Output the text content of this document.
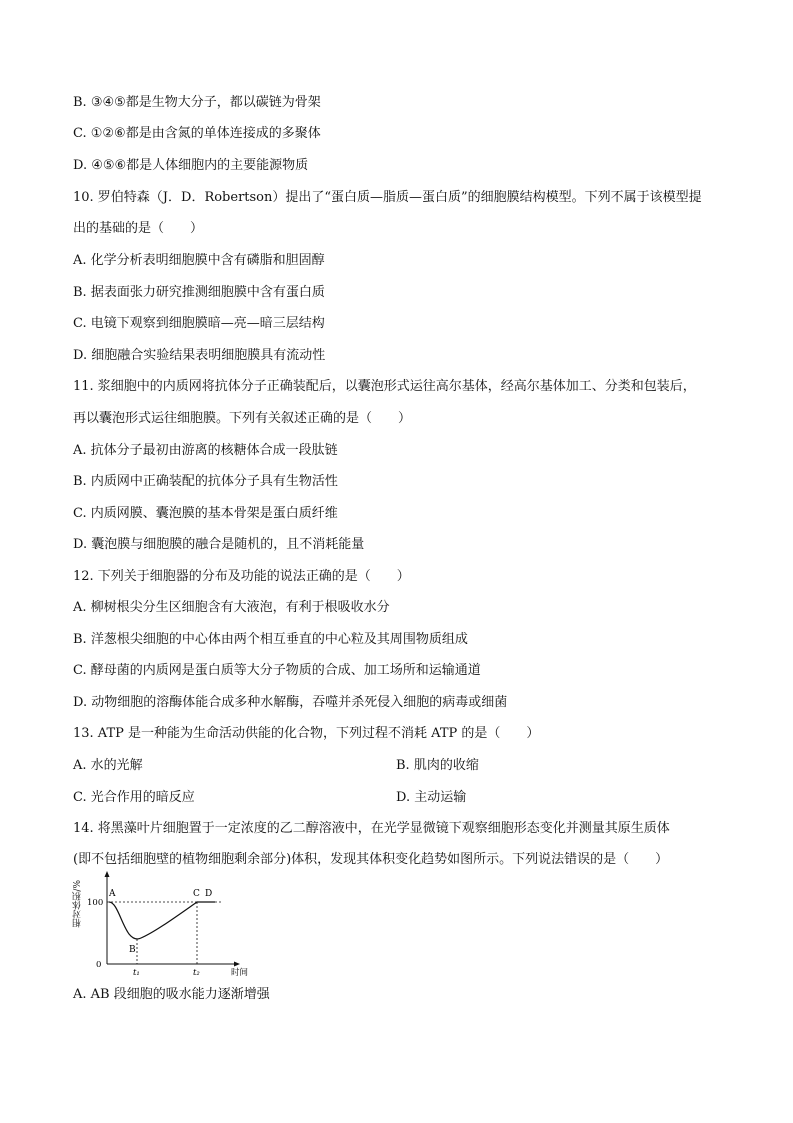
B. ③④⑤都是生物大分子，都以碳链为骨架
C. ①②⑥都是由含氮的单体连接成的多聚体
D. ④⑤⑥都是人体细胞内的主要能源物质
10. 罗伯特森（J．D．Robertson）提出了“蛋白质—脂质—蛋白质”的细胞膜结构模型。下列不属于该模型提
出的基础的是（　　）
A. 化学分析表明细胞膜中含有磷脂和胆固醇
B. 据表面张力研究推测细胞膜中含有蛋白质
C. 电镜下观察到细胞膜暗—亮—暗三层结构
D. 细胞融合实验结果表明细胞膜具有流动性
11. 浆细胞中的内质网将抗体分子正确装配后，以囊泡形式运往高尔基体，经高尔基体加工、分类和包装后，
再以囊泡形式运往细胞膜。下列有关叙述正确的是（　　）
A. 抗体分子最初由游离的核糖体合成一段肽链
B. 内质网中正确装配的抗体分子具有生物活性
C. 内质网膜、囊泡膜的基本骨架是蛋白质纤维
D. 囊泡膜与细胞膜的融合是随机的，且不消耗能量
12. 下列关于细胞器的分布及功能的说法正确的是（　　）
A. 柳树根尖分生区细胞含有大液泡，有利于根吸收水分
B. 洋葱根尖细胞的中心体由两个相互垂直的中心粒及其周围物质组成
C. 酵母菌的内质网是蛋白质等大分子物质的合成、加工场所和运输通道
D. 动物细胞的溶酶体能合成多种水解酶，吞噬并杀死侵入细胞的病毒或细菌
13. ATP 是一种能为生命活动供能的化合物，下列过程不消耗 ATP 的是（　　）
A. 水的光解	B. 肌肉的收缩
C. 光合作用的暗反应	D. 主动运输
14. 将黑藻叶片细胞置于一定浓度的乙二醇溶液中，在光学显微镜下观察细胞形态变化并测量其原生质体
(即不包括细胞壁的植物细胞剩余部分)体积，发现其体积变化趋势如图所示。下列说法错误的是（　　）
相对体积/%	A
B
C D
100
0
t₁	t₂	时间
A. AB 段细胞的吸水能力逐渐增强
